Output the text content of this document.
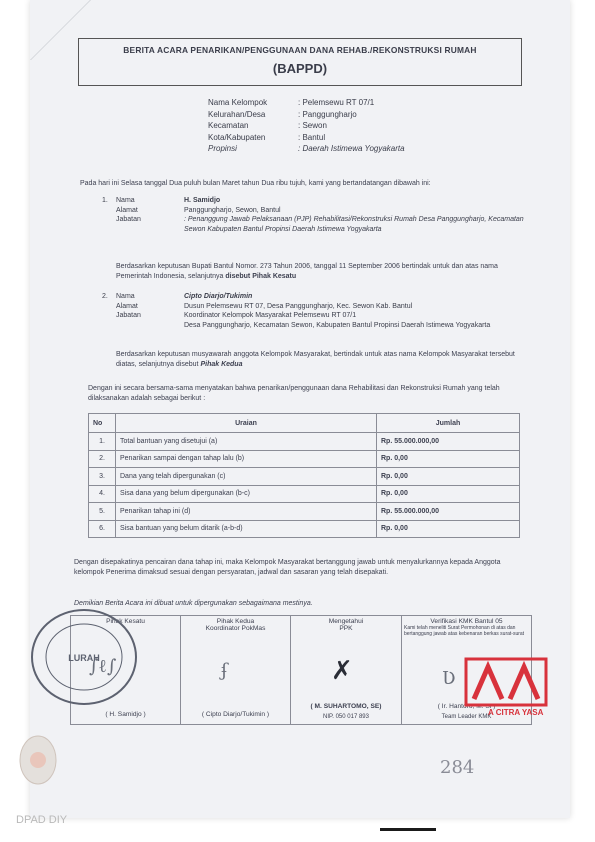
BERITA ACARA PENARIKAN/PENGGUNAAN DANA REHAB./REKONSTRUKSI RUMAH
(BAPPD)
Nama Kelompok	: Pelemsewu RT 07/1
Kelurahan/Desa	: Panggungharjo
Kecamatan	: Sewon
Kota/Kabupaten	: Bantul
Propinsi	: Daerah Istimewa Yogyakarta
Pada hari ini Selasa tanggal Dua puluh bulan Maret tahun Dua ribu tujuh, kami yang bertandatangan dibawah ini:
1.	Nama	H. Samidjo
Alamat	Panggungharjo, Sewon, Bantul
Jabatan	: Penanggung Jawab Pelaksanaan (PJP) Rehabilitasi/Rekonstruksi Rumah Desa Panggungharjo, Kecamatan Sewon Kabupaten Bantul Propinsi Daerah Istimewa Yogyakarta
Berdasarkan keputusan Bupati Bantul Nomor. 273 Tahun 2006, tanggal 11 September 2006 bertindak untuk dan atas nama Pemerintah Indonesia, selanjutnya disebut Pihak Kesatu
2.	Nama	Cipto Diarjo/Tukimin
Alamat	Dusun Pelemsewu RT 07, Desa Panggungharjo, Kec. Sewon Kab. Bantul
Jabatan	Koordinator Kelompok Masyarakat Pelemsewu RT 07/1
Desa Panggungharjo, Kecamatan Sewon, Kabupaten Bantul Propinsi Daerah Istimewa Yogyakarta
Berdasarkan keputusan musyawarah anggota Kelompok Masyarakat, bertindak untuk atas nama Kelompok Masyarakat tersebut diatas, selanjutnya disebut Pihak Kedua
Dengan ini secara bersama-sama menyatakan bahwa penarikan/penggunaan dana Rehabilitasi dan Rekonstruksi Rumah yang telah dilaksanakan adalah sebagai berikut :
No	Uraian	Jumlah
1.	Total bantuan yang disetujui (a)	Rp. 55.000.000,00
2.	Penarikan sampai dengan tahap lalu (b)	Rp. 0,00
3.	Dana yang telah dipergunakan (c)	Rp. 0,00
4.	Sisa dana yang belum dipergunakan (b-c)	Rp. 0,00
5.	Penarikan tahap ini (d)	Rp. 55.000.000,00
6.	Sisa bantuan yang belum ditarik (a-b-d)	Rp. 0,00
Dengan disepakatinya pencairan dana tahap ini, maka Kelompok Masyarakat bertanggung jawab untuk menyalurkannya kepada Anggota kelompok Penerima dimaksud sesuai dengan persyaratan, jadwal dan sasaran yang telah disepakati.
Demikian Berita Acara ini dibuat untuk dipergunakan sebagaimana mestinya.
Pihak Kesatu
∫ℓ∫
( H. Samidjo )

Pihak Kedua
Koordinator PokMas
ʄ
( Cipto Diarjo/Tukimin )

Mengetahui
PPK
✗
( M. SUHARTOMO, SE)
NIP. 050 017 893

Verifikasi KMK Bantul 05
Kami telah meneliti Surat Permohonan di atas dan bertanggung jawab atas kebenaran berkas surat-surat
Ʋ
( Ir. Hantoro, M. Si )
Team Leader KMK
LURAH
A CITRA YASA
284
DPAD DIY
